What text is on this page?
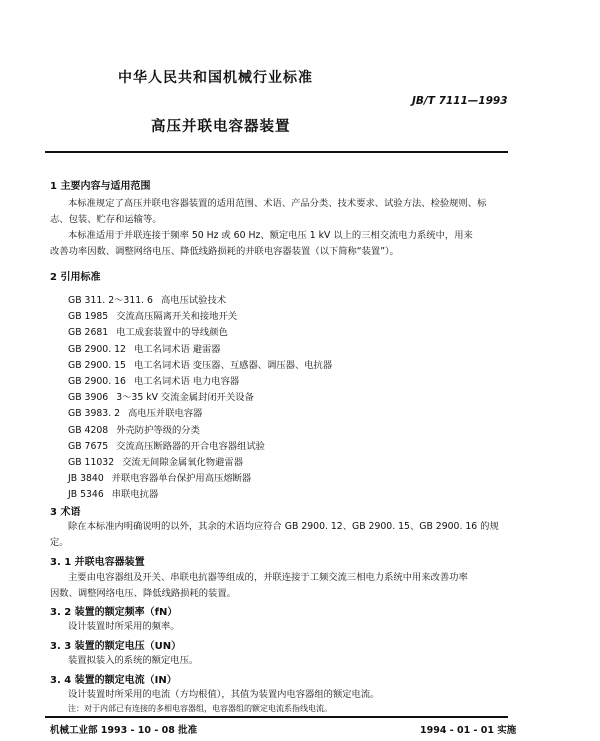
中华人民共和国机械行业标准
JB/T 7111—1993
高压并联电容器装置
1 主要内容与适用范围
本标准规定了高压并联电容器装置的适用范围、术语、产品分类、技术要求、试验方法、检验规则、标
志、包装、贮存和运输等。
本标准适用于并联连接于频率 50 Hz 或 60 Hz、额定电压 1 kV 以上的三相交流电力系统中，用来
改善功率因数、调整网络电压、降低线路损耗的并联电容器装置（以下简称“装置”）。
2 引用标准
GB 311. 2～311. 6 高电压试验技术
GB 1985 交流高压隔离开关和接地开关
GB 2681 电工成套装置中的导线颜色
GB 2900. 12 电工名词术语 避雷器
GB 2900. 15 电工名词术语 变压器、互感器、调压器、电抗器
GB 2900. 16 电工名词术语 电力电容器
GB 3906 3～35 kV 交流金属封闭开关设备
GB 3983. 2 高电压并联电容器
GB 4208 外壳防护等级的分类
GB 7675 交流高压断路器的开合电容器组试验
GB 11032 交流无间隙金属氧化物避雷器
JB 3840 并联电容器单台保护用高压熔断器
JB 5346 串联电抗器
3 术语
除在本标准内明确说明的以外，其余的术语均应符合 GB 2900. 12、GB 2900. 15、GB 2900. 16 的规
定。
3. 1 并联电容器装置
主要由电容器组及开关、串联电抗器等组成的，并联连接于工频交流三相电力系统中用来改善功率
因数、调整网络电压、降低线路损耗的装置。
3. 2 装置的额定频率（fN）
设计装置时所采用的频率。
3. 3 装置的额定电压（UN）
装置拟装入的系统的额定电压。
3. 4 装置的额定电流（IN）
设计装置时所采用的电流（方均根值），其值为装置内电容器组的额定电流。
注：对于内部已有连接的多相电容器组，电容器组的额定电流系指线电流。
机械工业部 1993 - 10 - 08 批准	1994 - 01 - 01 实施
